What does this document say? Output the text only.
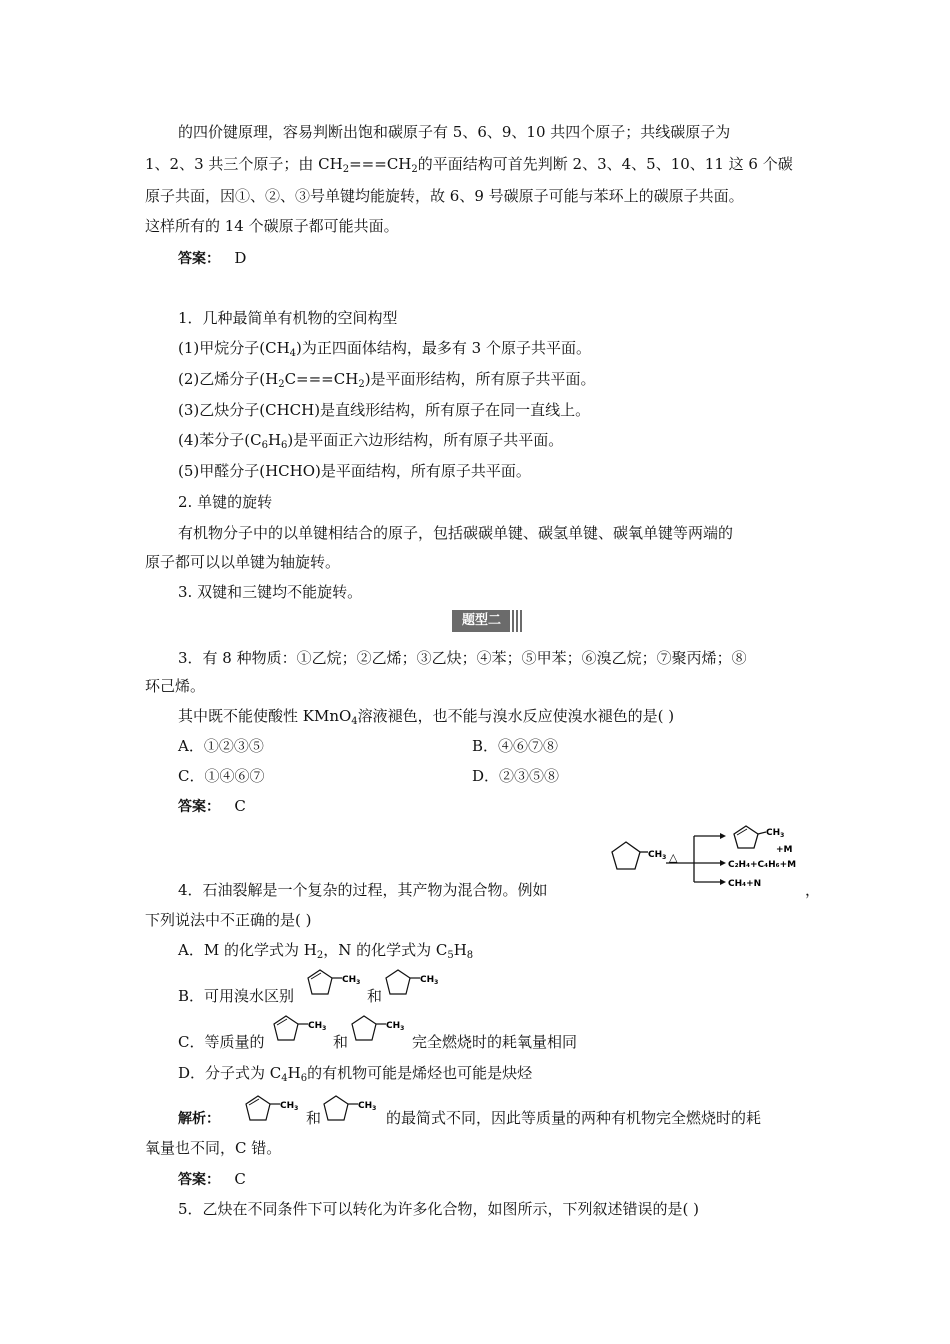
的四价键原理，容易判断出饱和碳原子有 5、6、9、10 共四个原子；共线碳原子为
1、2、3 共三个原子；由 $CH_2===CH_2$的平面结构可首先判断 2、3、4、5、10、11 这 6 个碳
原子共面，因①、②、③号单键均能旋转，故 6、9 号碳原子可能与苯环上的碳原子共面。
这样所有的 14 个碳原子都可能共面。
答案： D
1．几种最简单有机物的空间构型
(1)甲烷分子$(CH_4)$为正四面体结构，最多有 3 个原子共平面。
(2)乙烯分子$(H_2C===CH_2)$是平面形结构，所有原子共平面。
(3)乙炔分子(CHCH)是直线形结构，所有原子在同一直线上。
(4)苯分子$(C_6H_6)$是平面正六边形结构，所有原子共平面。
(5)甲醛分子(HCHO)是平面结构，所有原子共平面。
2. 单键的旋转
有机物分子中的以单键相结合的原子，包括碳碳单键、碳氢单键、碳氧单键等两端的
原子都可以以单键为轴旋转。
3. 双键和三键均不能旋转。
题型二
3．有 8 种物质：①乙烷；②乙烯；③乙炔；④苯；⑤甲苯；⑥溴乙烷；⑦聚丙烯；⑧
环己烯。
其中既不能使酸性 KMnO$_4$溶液褪色，也不能与溴水反应使溴水褪色的是( )
A．①②③⑤	B．④⑥⑦⑧
C．①④⑥⑦	D．②③⑤⑧
答案： C
$CH_3$ △
$CH_3$
+M
C₂H₄+C₄H₆+M
CH₄+N
4．石油裂解是一个复杂的过程，其产物为混合物。例如	，
下列说法中不正确的是( )
A．M 的化学式为 $H_2$，N 的化学式为 $C_5H_8$
B．可用溴水区别
$CH_3$
和
$CH_3$
C．等质量的
$CH_3$
和
$CH_3$
完全燃烧时的耗氧量相同
D．分子式为 $C_4H_6$的有机物可能是烯烃也可能是炔烃
解析：
$CH_3$
和
$CH_3$
的最简式不同，因此等质量的两种有机物完全燃烧时的耗
氧量也不同，C 错。
答案： C
5．乙炔在不同条件下可以转化为许多化合物，如图所示，下列叙述错误的是( )
